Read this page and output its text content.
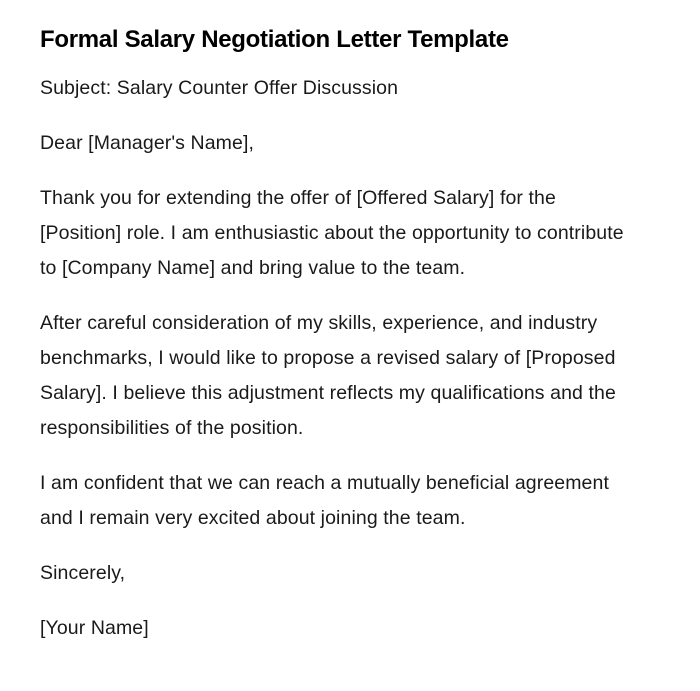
Formal Salary Negotiation Letter Template

Subject: Salary Counter Offer Discussion

Dear [Manager's Name],

Thank you for extending the offer of [Offered Salary] for the [Position] role. I am enthusiastic about the opportunity to contribute to [Company Name] and bring value to the team.

After careful consideration of my skills, experience, and industry benchmarks, I would like to propose a revised salary of [Proposed Salary]. I believe this adjustment reflects my qualifications and the responsibilities of the position.

I am confident that we can reach a mutually beneficial agreement and I remain very excited about joining the team.

Sincerely,

[Your Name]
